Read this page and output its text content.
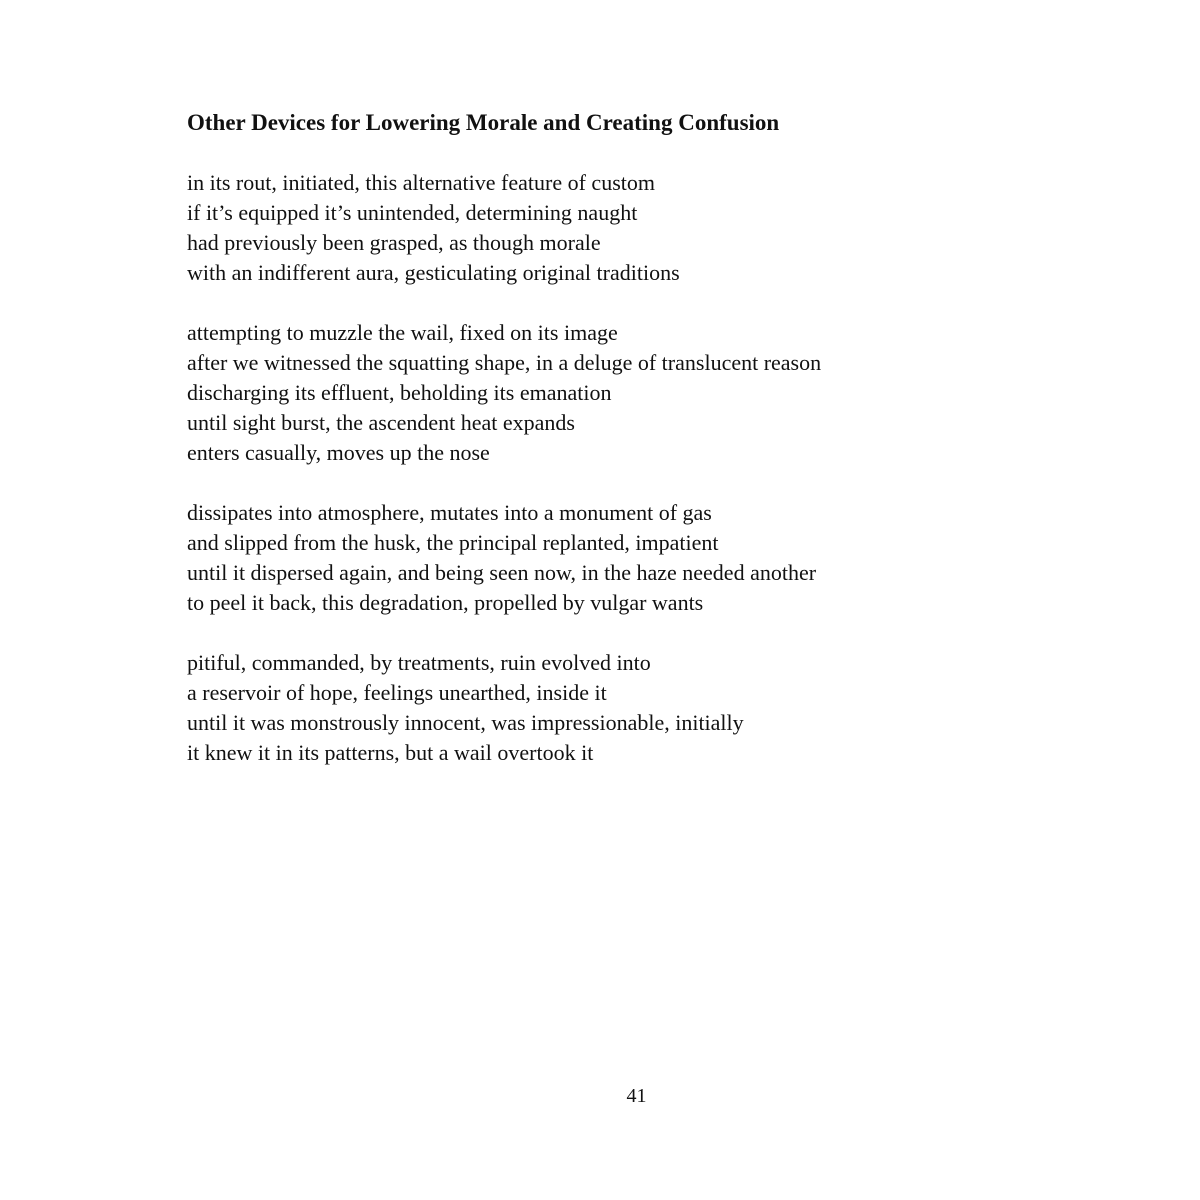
Other Devices for Lowering Morale and Creating Confusion
in its rout, initiated, this alternative feature of custom
if it’s equipped it’s unintended, determining naught
had previously been grasped, as though morale
with an indifferent aura, gesticulating original traditions
attempting to muzzle the wail, fixed on its image
after we witnessed the squatting shape, in a deluge of translucent reason
discharging its effluent, beholding its emanation
until sight burst, the ascendent heat expands
enters casually, moves up the nose
dissipates into atmosphere, mutates into a monument of gas
and slipped from the husk, the principal replanted, impatient
until it dispersed again, and being seen now, in the haze needed another
to peel it back, this degradation, propelled by vulgar wants
pitiful, commanded, by treatments, ruin evolved into
a reservoir of hope, feelings unearthed, inside it
until it was monstrously innocent, was impressionable, initially
it knew it in its patterns, but a wail overtook it
41
